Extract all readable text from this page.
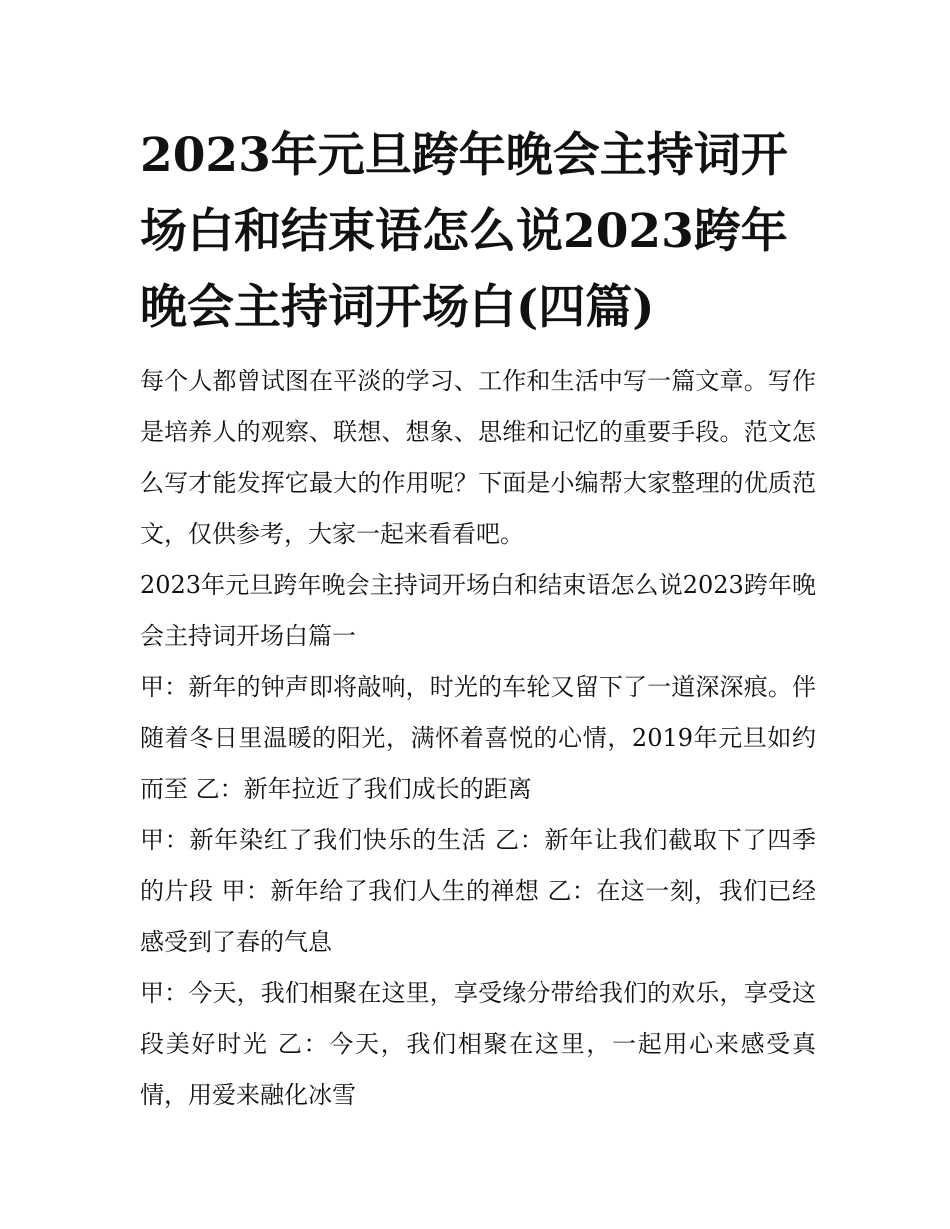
2023年元旦跨年晚会主持词开场白和结束语怎么说2023跨年晚会主持词开场白(四篇)

每个人都曾试图在平淡的学习、工作和生活中写一篇文章。写作是培养人的观察、联想、想象、思维和记忆的重要手段。范文怎么写才能发挥它最大的作用呢？下面是小编帮大家整理的优质范文，仅供参考，大家一起来看看吧。

2023年元旦跨年晚会主持词开场白和结束语怎么说2023跨年晚会主持词开场白篇一

甲：新年的钟声即将敲响，时光的车轮又留下了一道深深痕。伴随着冬日里温暖的阳光，满怀着喜悦的心情，2019年元旦如约而至 乙：新年拉近了我们成长的距离

甲：新年染红了我们快乐的生活 乙：新年让我们截取下了四季的片段 甲：新年给了我们人生的禅想 乙：在这一刻，我们已经感受到了春的气息

甲：今天，我们相聚在这里，享受缘分带给我们的欢乐，享受这段美好时光 乙：今天，我们相聚在这里，一起用心来感受真情，用爱来融化冰雪
